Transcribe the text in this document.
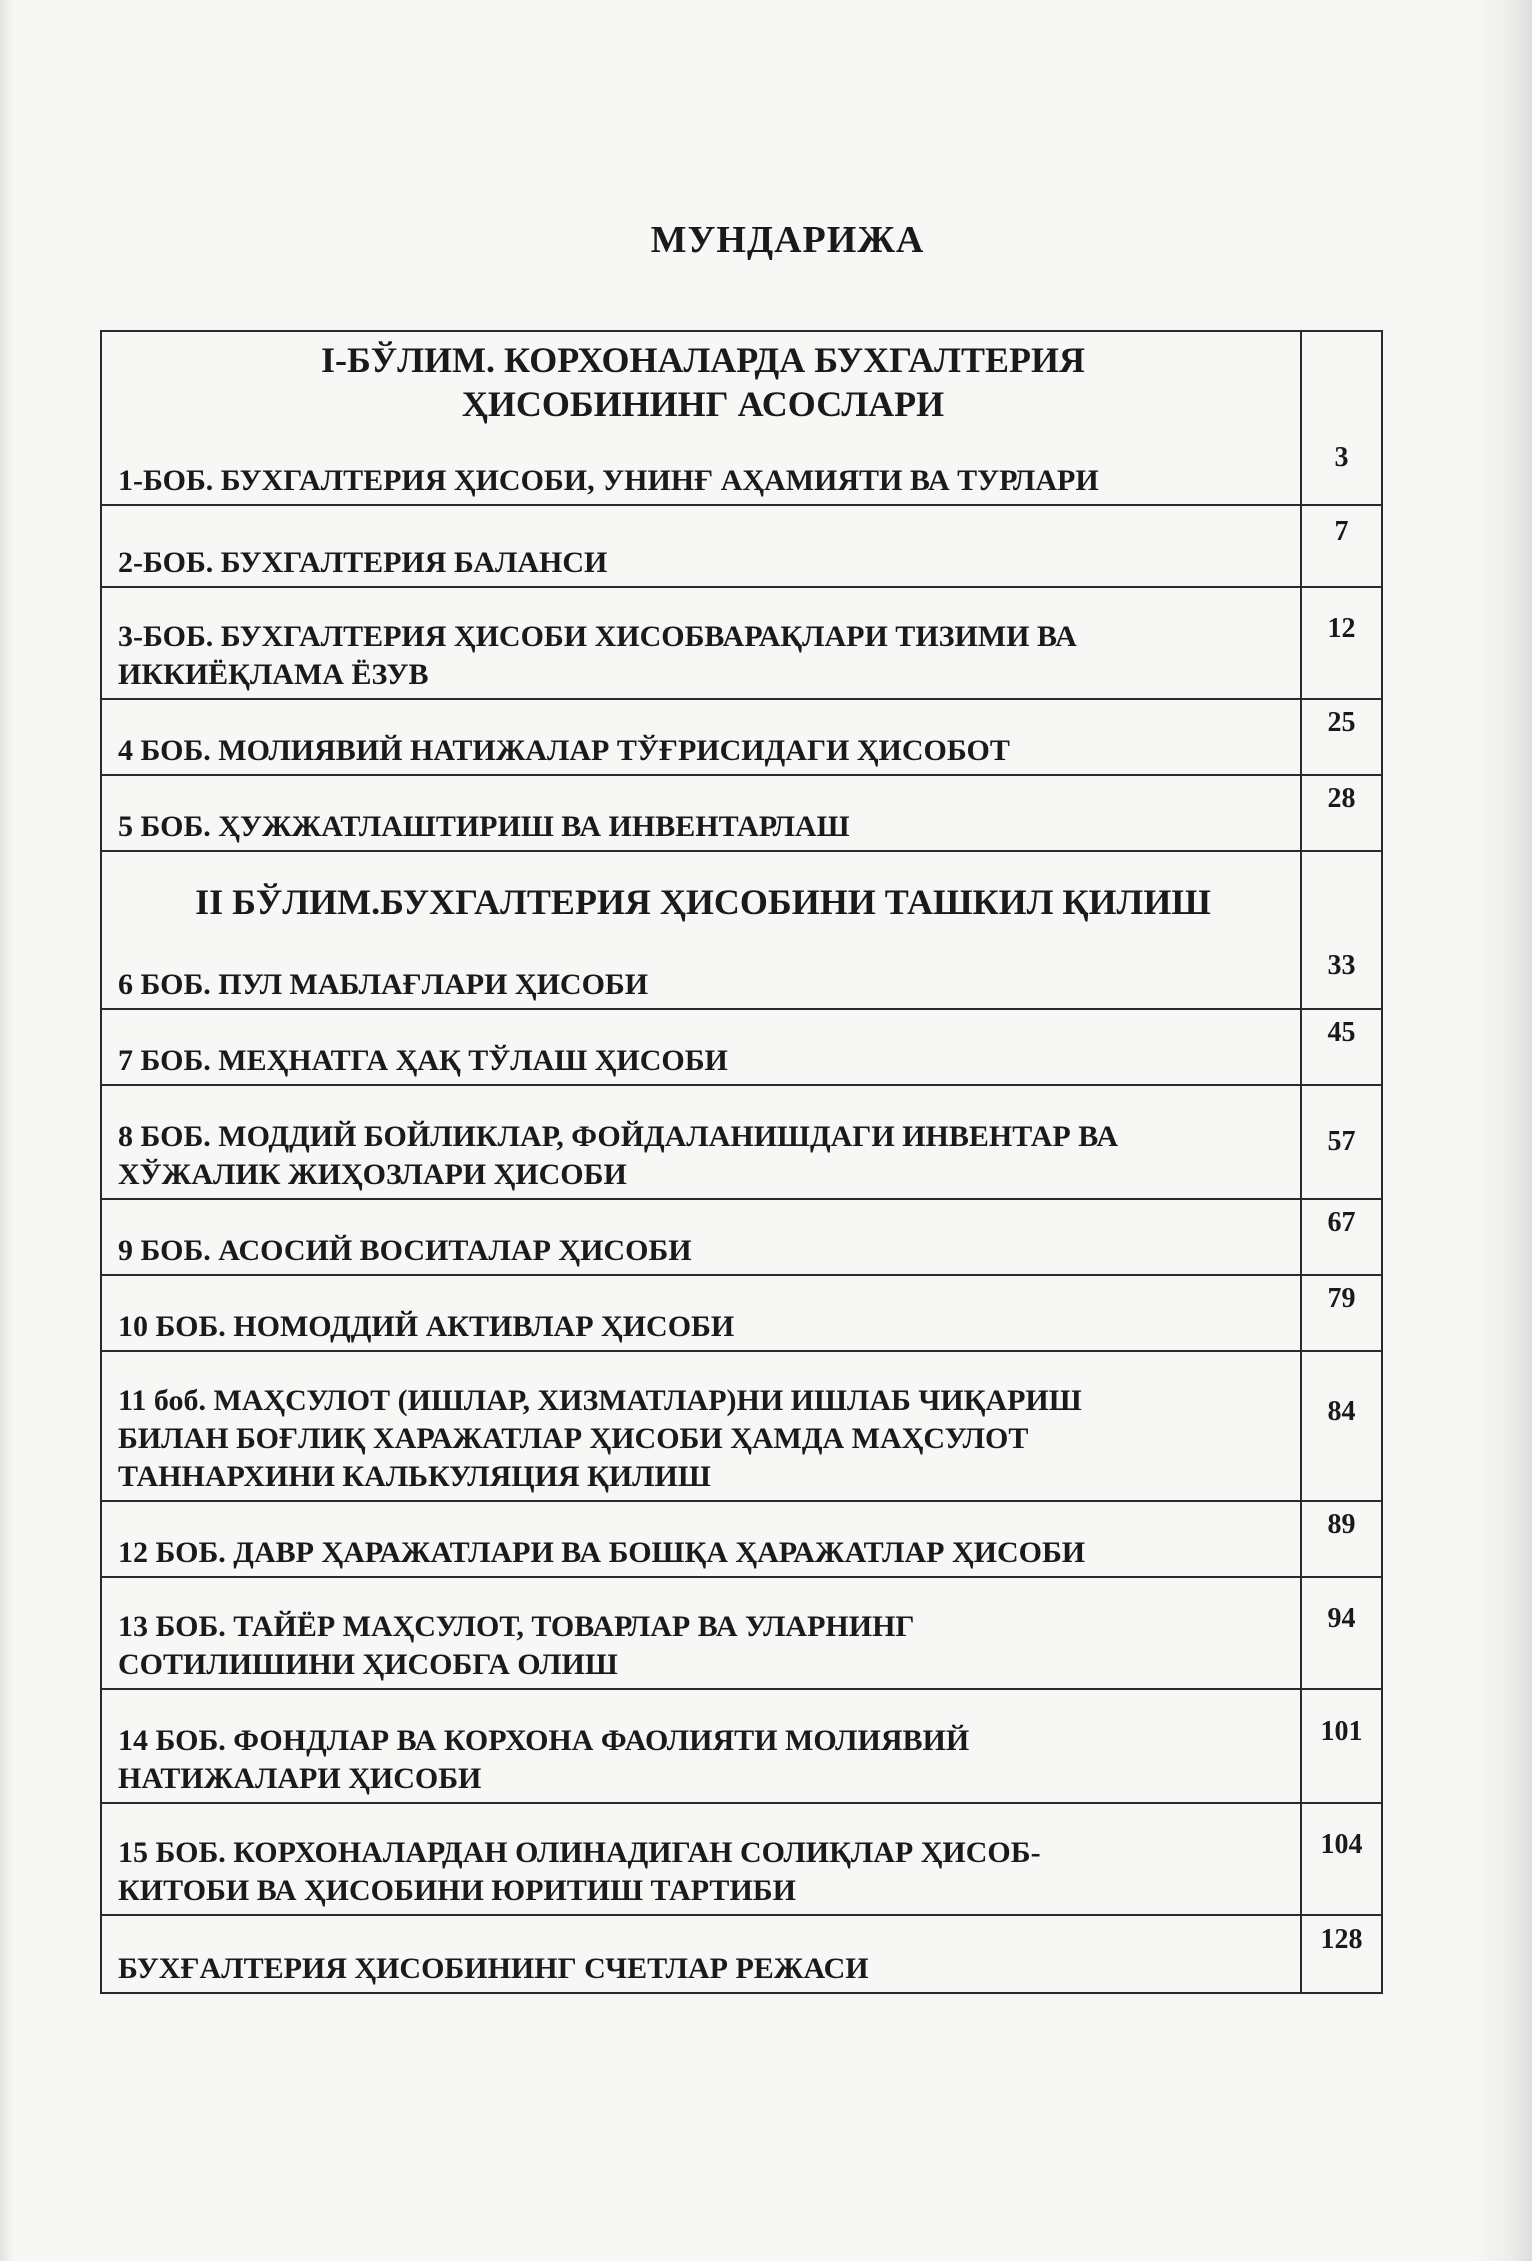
МУНДАРИЖА
I-БЎЛИМ. КОРХОНАЛАРДА БУХГАЛТЕРИЯ
ҲИСОБИНИНГ АСОСЛАРИ
1-БОБ. БУХГАЛТЕРИЯ ҲИСОБИ, УНИНҒ АҲАМИЯТИ ВА ТУРЛАРИ	3

2-БОБ. БУХГАЛТЕРИЯ БАЛАНСИ	7

3-БОБ. БУХГАЛТЕРИЯ ҲИСОБИ ХИСОБВАРАҚЛАРИ ТИЗИМИ ВА
ИККИЁҚЛАМА ЁЗУВ	12

4 БОБ. МОЛИЯВИЙ НАТИЖАЛАР ТЎҒРИСИДАГИ ҲИСОБОТ	25

5 БОБ. ҲУЖЖАТЛАШТИРИШ ВА ИНВЕНТАРЛАШ	28

II БЎЛИМ.БУХГАЛТЕРИЯ ҲИСОБИНИ ТАШКИЛ ҚИЛИШ
6 БОБ. ПУЛ МАБЛАҒЛАРИ ҲИСОБИ	33

7 БОБ. МЕҲНАТГА ҲАҚ ТЎЛАШ ҲИСОБИ	45

8 БОБ. МОДДИЙ БОЙЛИКЛАР, ФОЙДАЛАНИШДАГИ ИНВЕНТАР ВА
ХЎЖАЛИК ЖИҲОЗЛАРИ ҲИСОБИ	57

9 БОБ. АСОСИЙ ВОСИТАЛАР ҲИСОБИ	67

10 БОБ. НОМОДДИЙ АКТИВЛАР ҲИСОБИ	79

11 боб. МАҲСУЛОТ (ИШЛАР, ХИЗМАТЛАР)НИ ИШЛАБ ЧИҚАРИШ
БИЛАН БОҒЛИҚ ХАРАЖАТЛАР ҲИСОБИ ҲАМДА МАҲСУЛОТ
ТАННАРХИНИ КАЛЬКУЛЯЦИЯ ҚИЛИШ	84

12 БОБ. ДАВР ҲАРАЖАТЛАРИ ВА БОШҚА ҲАРАЖАТЛАР ҲИСОБИ	89

13 БОБ. ТАЙЁР МАҲСУЛОТ, ТОВАРЛАР ВА УЛАРНИНГ
СОТИЛИШИНИ ҲИСОБГА ОЛИШ	94

14 БОБ. ФОНДЛАР ВА КОРХОНА ФАОЛИЯТИ МОЛИЯВИЙ
НАТИЖАЛАРИ ҲИСОБИ	101

15 БОБ. КОРХОНАЛАРДАН ОЛИНАДИГАН СОЛИҚЛАР ҲИСОБ-
КИТОБИ ВА ҲИСОБИНИ ЮРИТИШ ТАРТИБИ	104

БУХҒАЛТЕРИЯ ҲИСОБИНИНГ СЧЕТЛАР РЕЖАСИ	128
